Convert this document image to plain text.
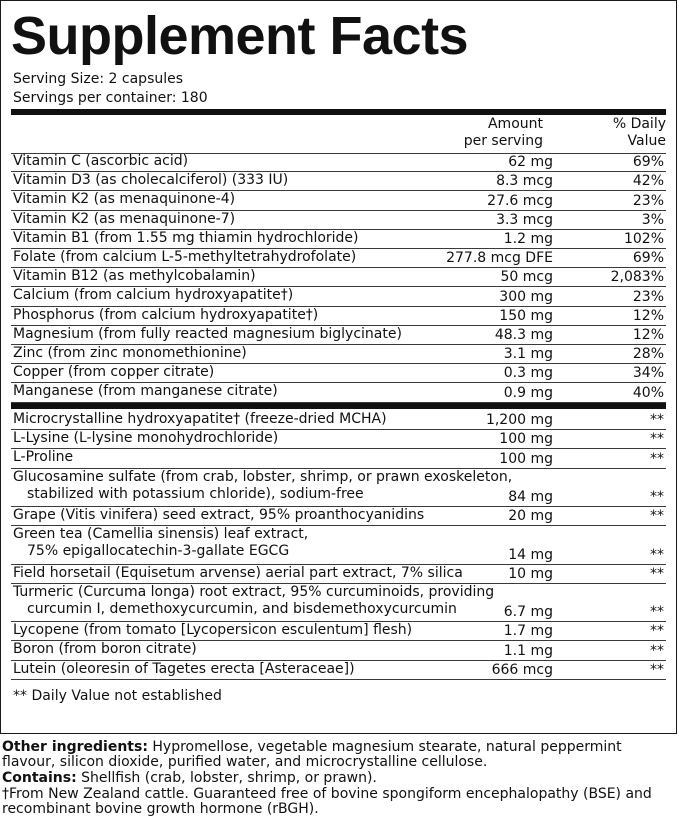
Supplement Facts
Serving Size: 2 capsules
Servings per container: 180
Amount
per serving
% Daily
Value
Vitamin C (ascorbic acid)	62 mg	69%
Vitamin D3 (as cholecalciferol) (333 IU)	8.3 mcg	42%
Vitamin K2 (as menaquinone-4)	27.6 mcg	23%
Vitamin K2 (as menaquinone-7)	3.3 mcg	3%
Vitamin B1 (from 1.55 mg thiamin hydrochloride)	1.2 mg	102%
Folate (from calcium L-5-methyltetrahydrofolate)	277.8 mcg DFE	69%
Vitamin B12 (as methylcobalamin)	50 mcg	2,083%
Calcium (from calcium hydroxyapatite†)	300 mg	23%
Phosphorus (from calcium hydroxyapatite†)	150 mg	12%
Magnesium (from fully reacted magnesium biglycinate)	48.3 mg	12%
Zinc (from zinc monomethionine)	3.1 mg	28%
Copper (from copper citrate)	0.3 mg	34%
Manganese (from manganese citrate)	0.9 mg	40%
Microcrystalline hydroxyapatite† (freeze-dried MCHA)	1,200 mg	**
L-Lysine (L-lysine monohydrochloride)	100 mg	**
L-Proline	100 mg	**
Glucosamine sulfate (from crab, lobster, shrimp, or prawn exoskeleton,
stabilized with potassium chloride), sodium-free	84 mg	**
Grape (Vitis vinifera) seed extract, 95% proanthocyanidins	20 mg	**
Green tea (Camellia sinensis) leaf extract,
75% epigallocatechin-3-gallate EGCG	14 mg	**
Field horsetail (Equisetum arvense) aerial part extract, 7% silica	10 mg	**
Turmeric (Curcuma longa) root extract, 95% curcuminoids, providing
curcumin I, demethoxycurcumin, and bisdemethoxycurcumin	6.7 mg	**
Lycopene (from tomato [Lycopersicon esculentum] flesh)	1.7 mg	**
Boron (from boron citrate)	1.1 mg	**
Lutein (oleoresin of Tagetes erecta [Asteraceae])	666 mcg	**
** Daily Value not established
Other ingredients: Hypromellose, vegetable magnesium stearate, natural peppermint flavour, silicon dioxide, purified water, and microcrystalline cellulose.
Contains: Shellfish (crab, lobster, shrimp, or prawn).
†From New Zealand cattle. Guaranteed free of bovine spongiform encephalopathy (BSE) and recombinant bovine growth hormone (rBGH).
